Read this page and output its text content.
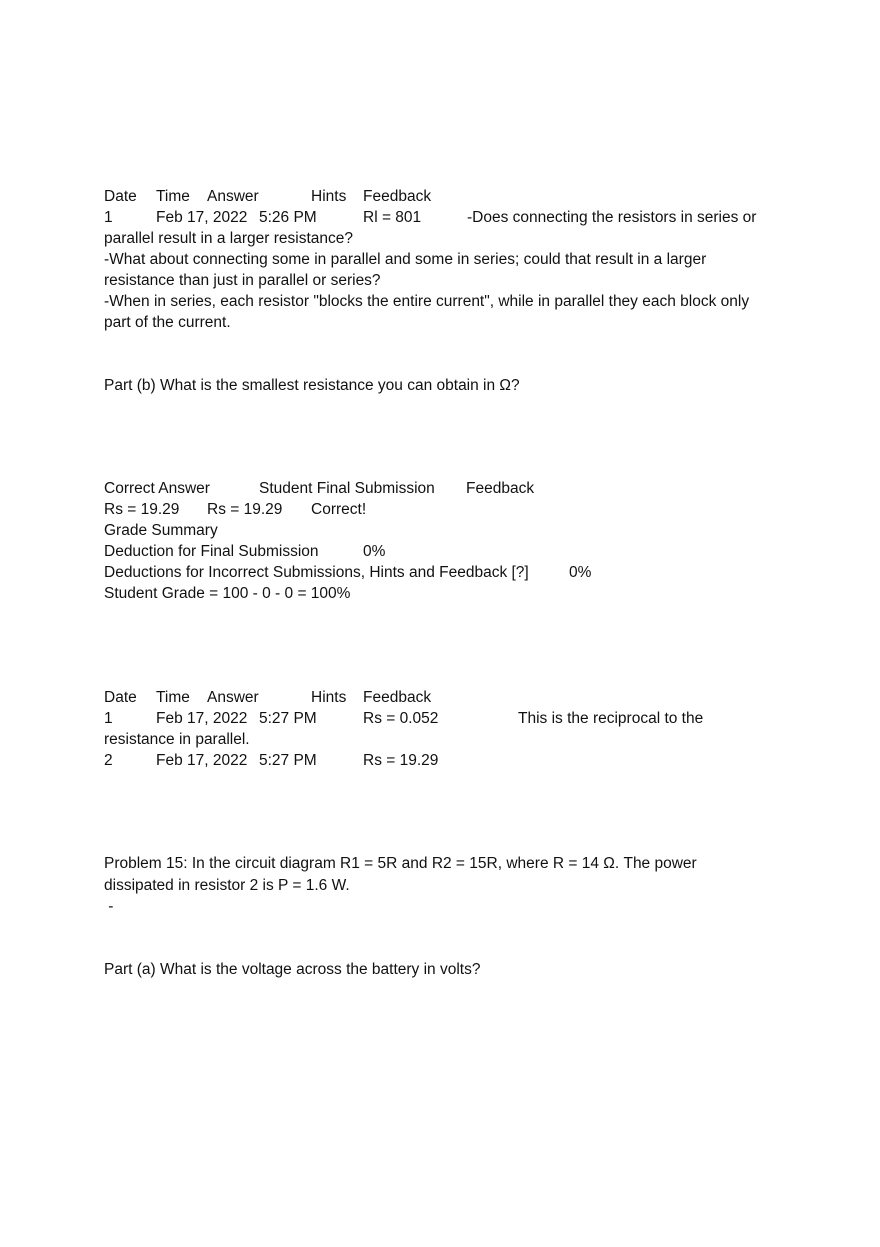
Date Time Answer	Hints Feedback
1	Feb 17, 2022 5:26 PM	Rl = 801	-Does connecting the resistors in series or
parallel result in a larger resistance?
-What about connecting some in parallel and some in series; could that result in a larger
resistance than just in parallel or series?
-When in series, each resistor "blocks the entire current", while in parallel they each block only
part of the current.
Part (b) What is the smallest resistance you can obtain in Ω?
Correct Answer	Student Final Submission Feedback
Rs = 19.29 Rs = 19.29 Correct!
Grade Summary
Deduction for Final Submission	0%
Deductions for Incorrect Submissions, Hints and Feedback [?]	0%
Student Grade = 100 - 0 - 0 = 100%
Date Time Answer	Hints Feedback
1	Feb 17, 2022 5:27 PM	Rs = 0.052	This is the reciprocal to the
resistance in parallel.
2	Feb 17, 2022 5:27 PM	Rs = 19.29
Problem 15: In the circuit diagram R1 = 5R and R2 = 15R, where R = 14 Ω. The power
dissipated in resistor 2 is P = 1.6 W.
-
Part (a) What is the voltage across the battery in volts?
